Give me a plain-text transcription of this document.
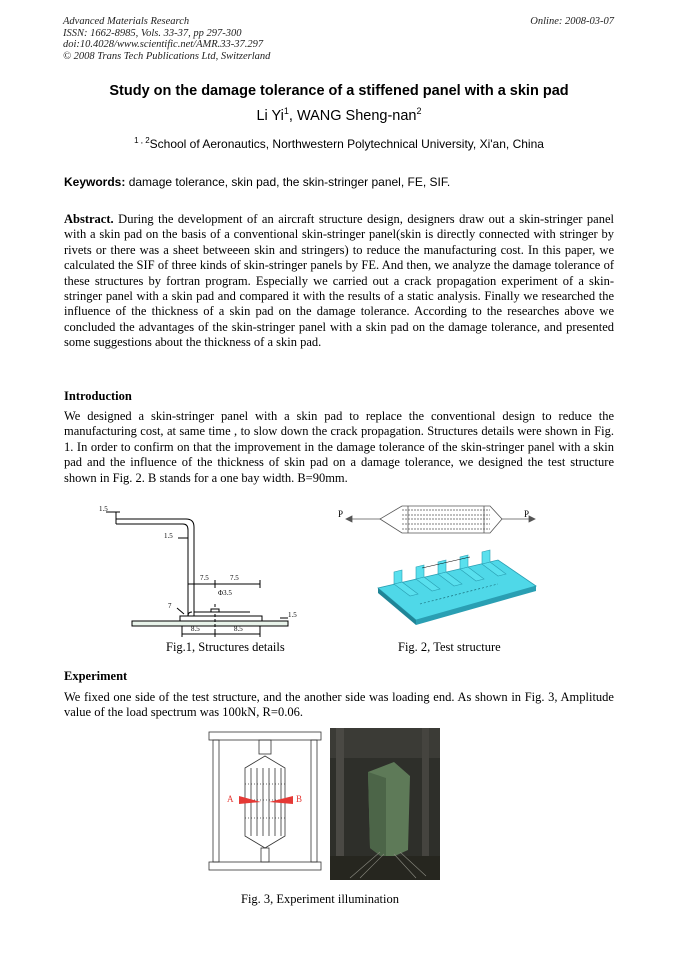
Advanced Materials Research
ISSN: 1662-8985, Vols. 33-37, pp 297-300
doi:10.4028/www.scientific.net/AMR.33-37.297
© 2008 Trans Tech Publications Ltd, Switzerland
Online: 2008-03-07
Study on the damage tolerance of a stiffened panel with a skin pad
Li Yi$^1$, WANG Sheng-nan$^2$
$^{1 , 2}$School of Aeronautics, Northwestern Polytechnical University, Xi'an, China
Keywords: damage tolerance, skin pad, the skin-stringer panel, FE, SIF.
Abstract. During the development of an aircraft structure design, designers draw out a skin-stringer panel with a skin pad on the basis of a conventional skin-stringer panel(skin is directly connected with stringer by rivets or there was a sheet betweeen skin and stringers) to reduce the manufacturing cost. In this paper, we calculated the SIF of three kinds of skin-stringer panels by FE. And then, we analyze the damage tolerance of these structures by fortran program. Especially we carried out a crack propagation experiment of a skin-stringer panel with a skin pad and compared it with the results of a static analysis. Finally we researched the influence of the thickness of a skin pad on the damage tolerance. According to the researches above we concluded the advantages of the skin-stringer panel with a skin pad on the damage tolerance, and presented some suggestions about the thickness of a skin pad.
Introduction
We designed a skin-stringer panel with a skin pad to replace the conventional design to reduce the manufacturing cost, at same time , to slow down the crack propagation. Structures details were shown in Fig. 1. In order to confirm on that the improvement in the damage tolerance of the skin-stringer panel with a skin pad and the influence of the thickness of skin pad on a damage tolerance, we designed the test structure shown in Fig. 2. B stands for a one bay width. B=90mm.
1.5
1.5
7.5	7.5
Φ3.5
7
1.5
8.5	8.5
P	P
Fig.1, Structures details	Fig. 2, Test structure
Experiment
We fixed one side of the test structure, and the another side was loading end. As shown in Fig. 3, Amplitude value of the load spectrum was 100kN, R=0.06.
A	B
Fig. 3, Experiment illumination
